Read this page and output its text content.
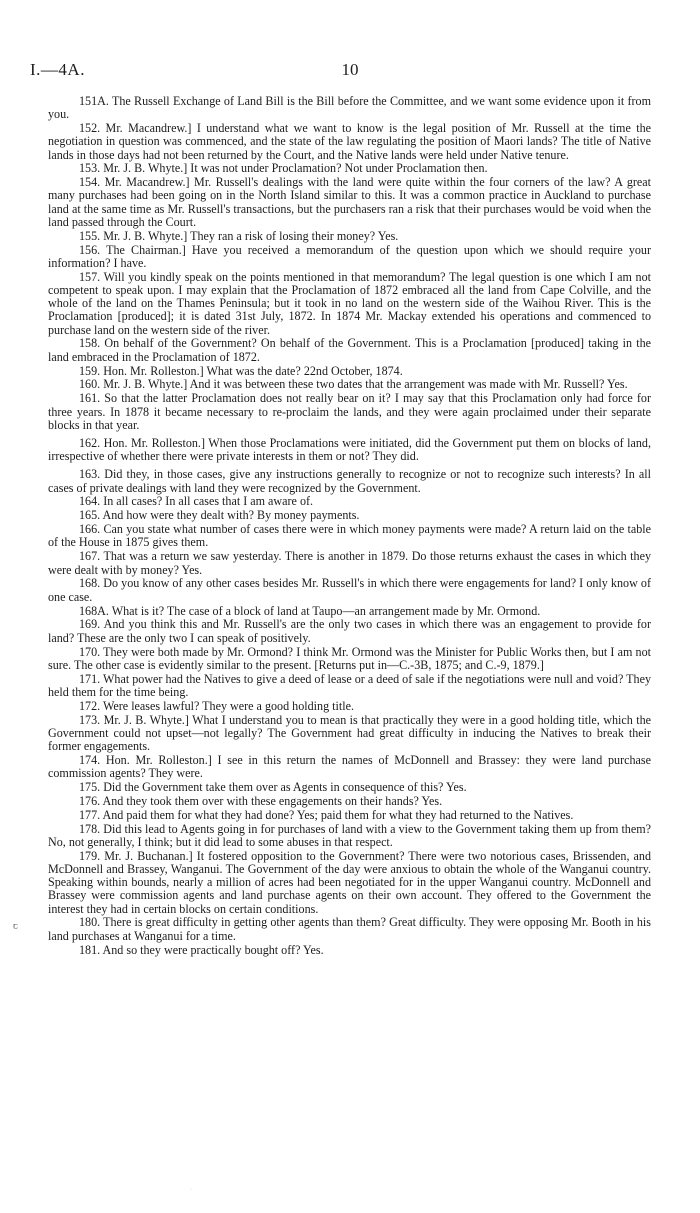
I.—4A.	10

151A. The Russell Exchange of Land Bill is the Bill before the Committee, and we want some evidence upon it from you.

152. Mr. Macandrew.] I understand what we want to know is the legal position of Mr. Russell at the time the negotiation in question was commenced, and the state of the law regulating the position of Maori lands? The title of Native lands in those days had not been returned by the Court, and the Native lands were held under Native tenure.

153. Mr. J. B. Whyte.] It was not under Proclamation? Not under Proclamation then.

154. Mr. Macandrew.] Mr. Russell's dealings with the land were quite within the four corners of the law? A great many purchases had been going on in the North Island similar to this. It was a common practice in Auckland to purchase land at the same time as Mr. Russell's transactions, but the purchasers ran a risk that their purchases would be void when the land passed through the Court.

155. Mr. J. B. Whyte.] They ran a risk of losing their money? Yes.

156. The Chairman.] Have you received a memorandum of the question upon which we should require your information? I have.

157. Will you kindly speak on the points mentioned in that memorandum? The legal question is one which I am not competent to speak upon. I may explain that the Proclamation of 1872 embraced all the land from Cape Colville, and the whole of the land on the Thames Peninsula; but it took in no land on the western side of the Waihou River. This is the Proclamation [produced]; it is dated 31st July, 1872. In 1874 Mr. Mackay extended his operations and commenced to purchase land on the western side of the river.

158. On behalf of the Government? On behalf of the Government. This is a Proclamation [produced] taking in the land embraced in the Proclamation of 1872.

159. Hon. Mr. Rolleston.] What was the date? 22nd October, 1874.

160. Mr. J. B. Whyte.] And it was between these two dates that the arrangement was made with Mr. Russell? Yes.

161. So that the latter Proclamation does not really bear on it? I may say that this Proclamation only had force for three years. In 1878 it became necessary to re-proclaim the lands, and they were again proclaimed under their separate blocks in that year.

162. Hon. Mr. Rolleston.] When those Proclamations were initiated, did the Government put them on blocks of land, irrespective of whether there were private interests in them or not? They did.

163. Did they, in those cases, give any instructions generally to recognize or not to recognize such interests? In all cases of private dealings with land they were recognized by the Government.

164. In all cases? In all cases that I am aware of.

165. And how were they dealt with? By money payments.

166. Can you state what number of cases there were in which money payments were made? A return laid on the table of the House in 1875 gives them.

167. That was a return we saw yesterday. There is another in 1879. Do those returns exhaust the cases in which they were dealt with by money? Yes.

168. Do you know of any other cases besides Mr. Russell's in which there were engagements for land? I only know of one case.

168A. What is it? The case of a block of land at Taupo—an arrangement made by Mr. Ormond.

169. And you think this and Mr. Russell's are the only two cases in which there was an engagement to provide for land? These are the only two I can speak of positively.

170. They were both made by Mr. Ormond? I think Mr. Ormond was the Minister for Public Works then, but I am not sure. The other case is evidently similar to the present. [Returns put in—C.-3B, 1875; and C.-9, 1879.]

171. What power had the Natives to give a deed of lease or a deed of sale if the negotiations were null and void? They held them for the time being.

172. Were leases lawful? They were a good holding title.

173. Mr. J. B. Whyte.] What I understand you to mean is that practically they were in a good holding title, which the Government could not upset—not legally? The Government had great difficulty in inducing the Natives to break their former engagements.

174. Hon. Mr. Rolleston.] I see in this return the names of McDonnell and Brassey: they were land purchase commission agents? They were.

175. Did the Government take them over as Agents in consequence of this? Yes.

176. And they took them over with these engagements on their hands? Yes.

177. And paid them for what they had done? Yes; paid them for what they had returned to the Natives.

178. Did this lead to Agents going in for purchases of land with a view to the Government taking them up from them? No, not generally, I think; but it did lead to some abuses in that respect.

179. Mr. J. Buchanan.] It fostered opposition to the Government? There were two notorious cases, Brissenden, and McDonnell and Brassey, Wanganui. The Government of the day were anxious to obtain the whole of the Wanganui country. Speaking within bounds, nearly a million of acres had been negotiated for in the upper Wanganui country. McDonnell and Brassey were commission agents and land purchase agents on their own account. They offered to the Government the interest they had in certain blocks on certain conditions.

180. There is great difficulty in getting other agents than them? Great difficulty. They were opposing Mr. Booth in his land purchases at Wanganui for a time.

181. And so they were practically bought off? Yes.

ꞇ
·
